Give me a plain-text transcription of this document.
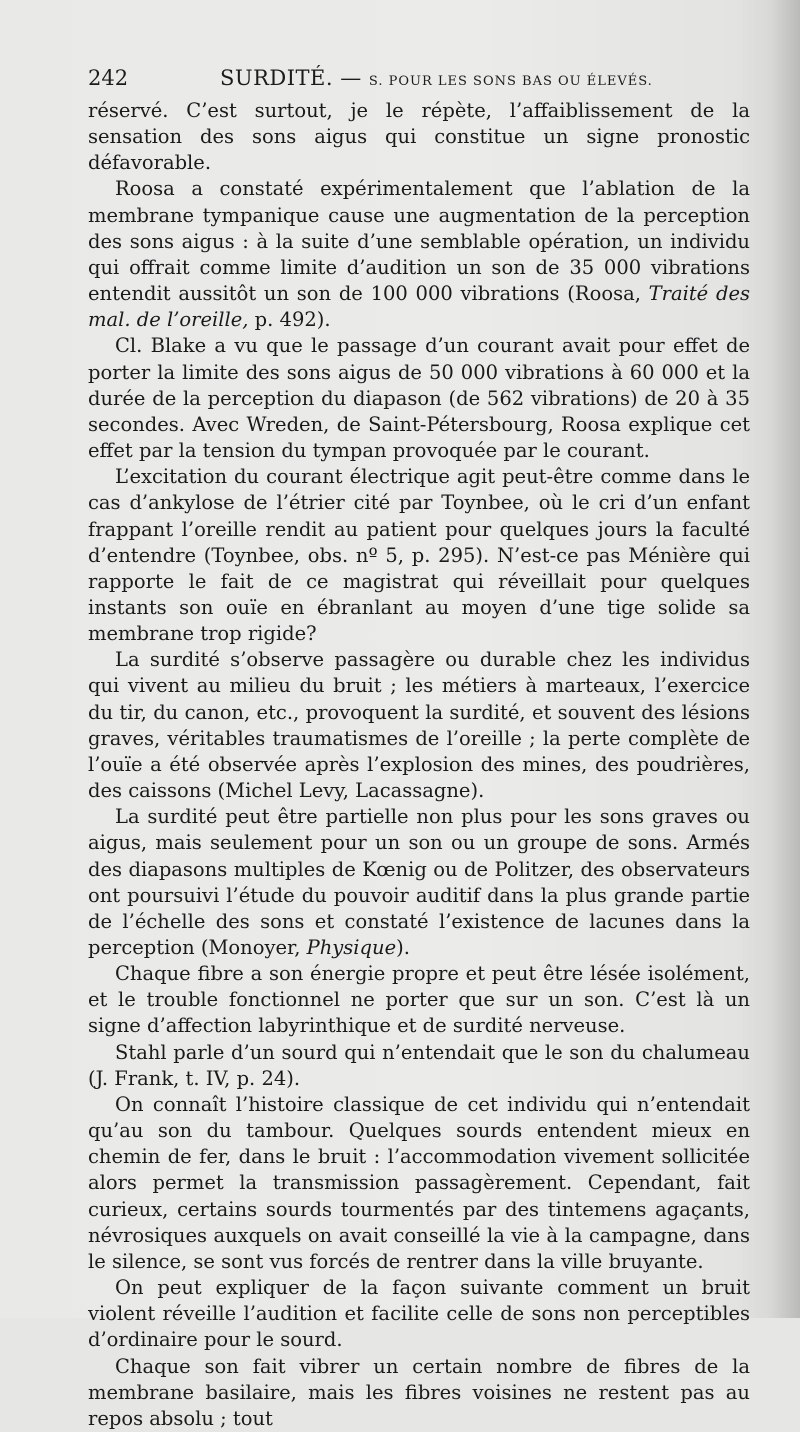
242	SURDITÉ. — S. POUR LES SONS BAS OU ÉLEVÉS.

réservé. C’est surtout, je le répète, l’affaiblissement de la sensation des sons aigus qui constitue un signe pronostic défavorable.

Roosa a constaté expérimentalement que l’ablation de la membrane tympanique cause une augmentation de la perception des sons aigus : à la suite d’une semblable opération, un individu qui offrait comme limite d’audition un son de 35 000 vibrations entendit aussitôt un son de 100 000 vibrations (Roosa, Traité des mal. de l’oreille, p. 492).

Cl. Blake a vu que le passage d’un courant avait pour effet de porter la limite des sons aigus de 50 000 vibrations à 60 000 et la durée de la perception du diapason (de 562 vibrations) de 20 à 35 secondes. Avec Wreden, de Saint-Pétersbourg, Roosa explique cet effet par la tension du tympan provoquée par le courant.

L’excitation du courant électrique agit peut-être comme dans le cas d’ankylose de l’étrier cité par Toynbee, où le cri d’un enfant frappant l’oreille rendit au patient pour quelques jours la faculté d’entendre (Toynbee, obs. nº 5, p. 295). N’est-ce pas Ménière qui rapporte le fait de ce magistrat qui réveillait pour quelques instants son ouïe en ébranlant au moyen d’une tige solide sa membrane trop rigide?

La surdité s’observe passagère ou durable chez les individus qui vivent au milieu du bruit ; les métiers à marteaux, l’exercice du tir, du canon, etc., provoquent la surdité, et souvent des lésions graves, véritables traumatismes de l’oreille ; la perte complète de l’ouïe a été observée après l’explosion des mines, des poudrières, des caissons (Michel Levy, Lacassagne).

La surdité peut être partielle non plus pour les sons graves ou aigus, mais seulement pour un son ou un groupe de sons. Armés des diapasons multiples de Kœnig ou de Politzer, des observateurs ont poursuivi l’étude du pouvoir auditif dans la plus grande partie de l’échelle des sons et constaté l’existence de lacunes dans la perception (Monoyer, Physique).

Chaque fibre a son énergie propre et peut être lésée isolément, et le trouble fonctionnel ne porter que sur un son. C’est là un signe d’affection labyrinthique et de surdité nerveuse.

Stahl parle d’un sourd qui n’entendait que le son du chalumeau (J. Frank, t. IV, p. 24).

On connaît l’histoire classique de cet individu qui n’entendait qu’au son du tambour. Quelques sourds entendent mieux en chemin de fer, dans le bruit : l’accommodation vivement sollicitée alors permet la transmission passagèrement. Cependant, fait curieux, certains sourds tourmentés par des tintemens agaçants, névrosiques auxquels on avait conseillé la vie à la campagne, dans le silence, se sont vus forcés de rentrer dans la ville bruyante.

On peut expliquer de la façon suivante comment un bruit violent réveille l’audition et facilite celle de sons non perceptibles d’ordinaire pour le sourd.

Chaque son fait vibrer un certain nombre de fibres de la membrane basilaire, mais les fibres voisines ne restent pas au repos absolu ; tout
